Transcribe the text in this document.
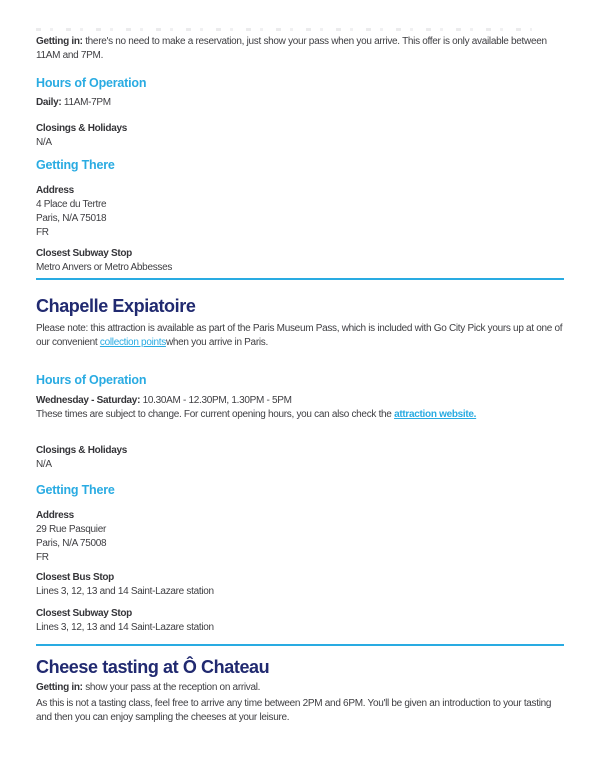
Getting in: there's no need to make a reservation, just show your pass when you arrive. This offer is only available between 11AM and 7PM.

Hours of Operation

Daily: 11AM-7PM

Closings & Holidays
N/A
Getting There
Address
4 Place du Tertre
Paris, N/A 75018
FR
Closest Subway Stop
Metro Anvers or Metro Abbesses
Chapelle Expiatoire

Please note: this attraction is available as part of the Paris Museum Pass, which is included with Go City Pick yours up at one of our convenient collection pointswhen you arrive in Paris.

Hours of Operation
Wednesday - Saturday: 10.30AM - 12.30PM, 1.30PM - 5PM
These times are subject to change. For current opening hours, you can also check the attraction website.
Closings & Holidays
N/A
Getting There
Address
29 Rue Pasquier
Paris, N/A 75008
FR
Closest Bus Stop
Lines 3, 12, 13 and 14 Saint-Lazare station
Closest Subway Stop
Lines 3, 12, 13 and 14 Saint-Lazare station
Cheese tasting at Ô Chateau

Getting in: show your pass at the reception on arrival.

As this is not a tasting class, feel free to arrive any time between 2PM and 6PM. You'll be given an introduction to your tasting and then you can enjoy sampling the cheeses at your leisure.
